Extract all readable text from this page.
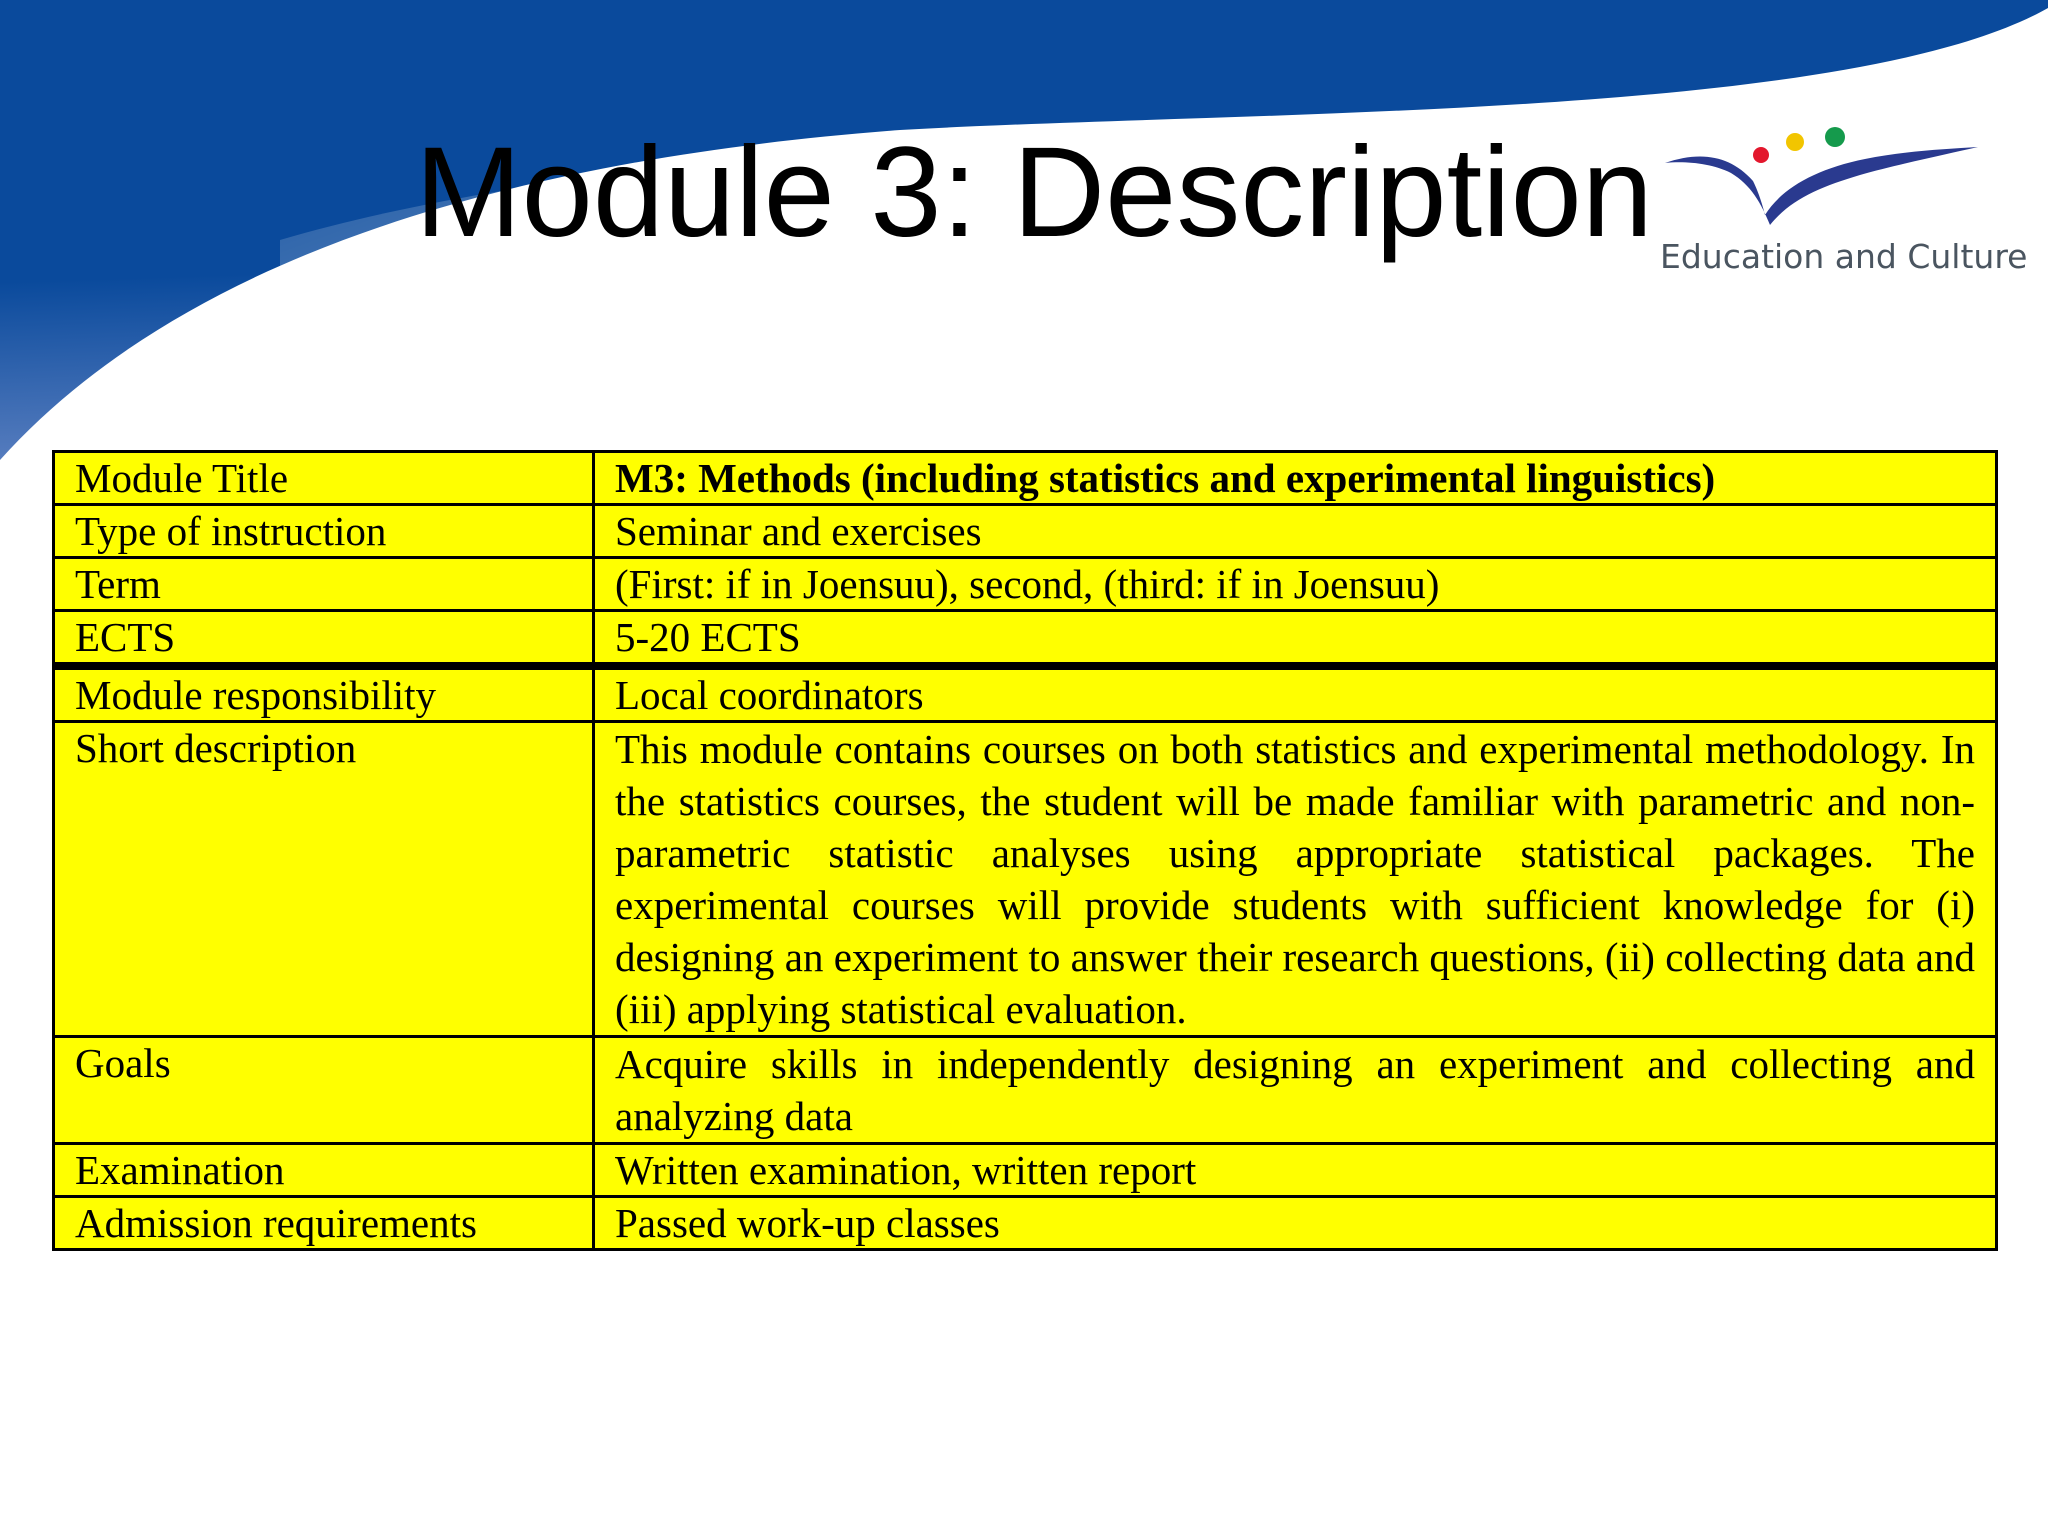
Module 3: Description Education and Culture
Module Title	M3: Methods (including statistics and experimental linguistics)
Type of instruction	Seminar and exercises
Term	(First: if in Joensuu), second, (third: if in Joensuu)
ECTS	5-20 ECTS
Module responsibility	Local coordinators
Short description	This module contains courses on both statistics and experimental methodology. In the statistics courses, the student will be made familiar with parametric and non-parametric statistic analyses using appropriate statistical packages. The experimental courses will provide students with sufficient knowledge for (i) designing an experiment to answer their research questions, (ii) collecting data and (iii) applying statistical evaluation.
Goals	Acquire skills in independently designing an experiment and collecting and analyzing data
Examination	Written examination, written report
Admission requirements	Passed work-up classes
